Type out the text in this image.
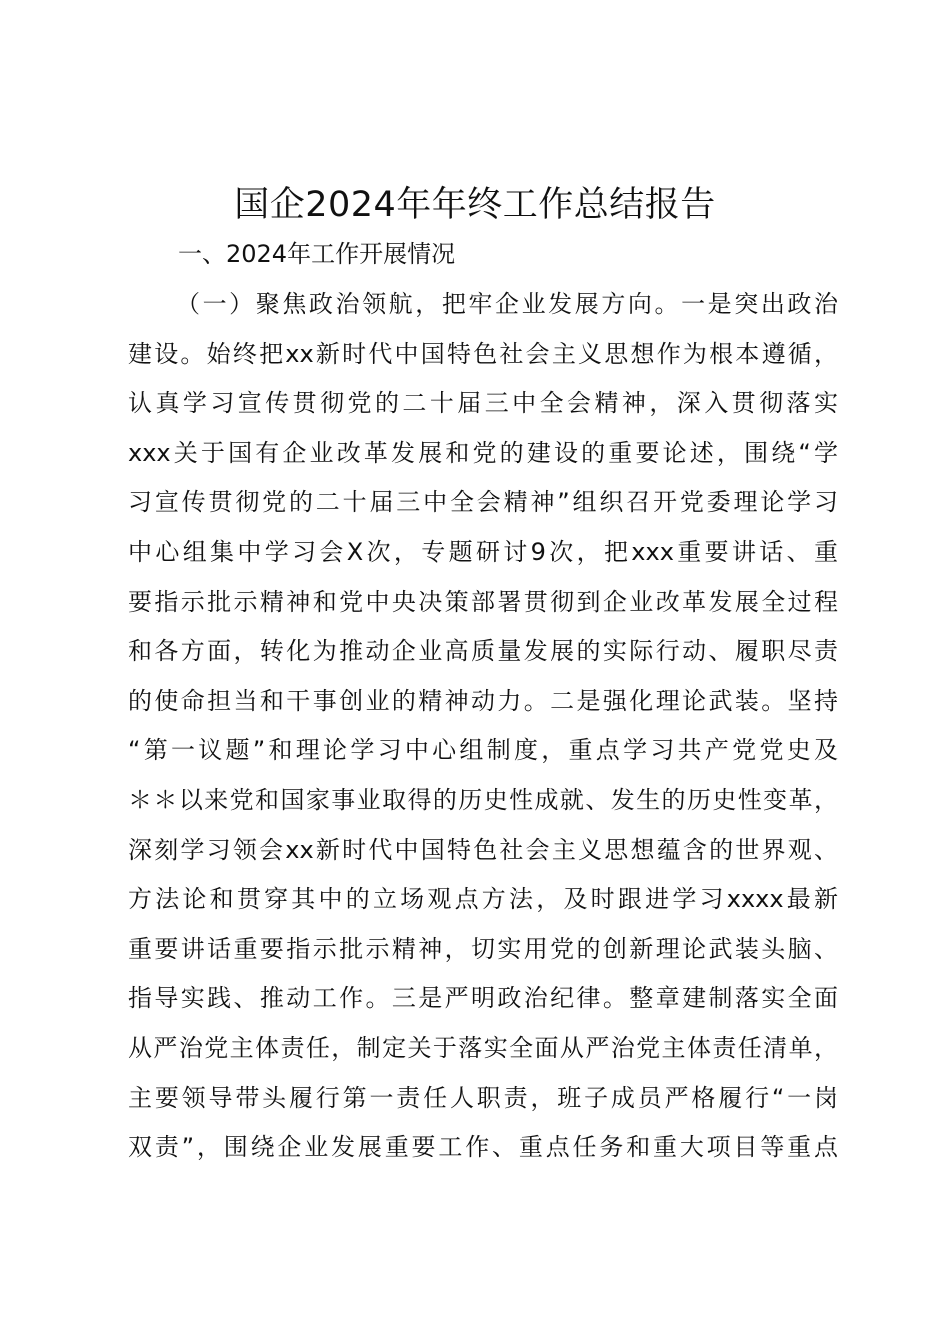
国企2024年年终工作总结报告
一、2024年工作开展情况
（一）聚焦政治领航，把牢企业发展方向。一是突出政治
建设。始终把xx新时代中国特色社会主义思想作为根本遵循，
认真学习宣传贯彻党的二十届三中全会精神，深入贯彻落实
xxx关于国有企业改革发展和党的建设的重要论述，围绕“学
习宣传贯彻党的二十届三中全会精神”组织召开党委理论学习
中心组集中学习会X次，专题研讨9次，把xxx重要讲话、重
要指示批示精神和党中央决策部署贯彻到企业改革发展全过程
和各方面，转化为推动企业高质量发展的实际行动、履职尽责
的使命担当和干事创业的精神动力。二是强化理论武装。坚持
“第一议题”和理论学习中心组制度，重点学习共产党党史及
＊＊以来党和国家事业取得的历史性成就、发生的历史性变革，
深刻学习领会xx新时代中国特色社会主义思想蕴含的世界观、
方法论和贯穿其中的立场观点方法，及时跟进学习xxxx最新
重要讲话重要指示批示精神，切实用党的创新理论武装头脑、
指导实践、推动工作。三是严明政治纪律。整章建制落实全面
从严治党主体责任，制定关于落实全面从严治党主体责任清单，
主要领导带头履行第一责任人职责，班子成员严格履行“一岗
双责”，围绕企业发展重要工作、重点任务和重大项目等重点
